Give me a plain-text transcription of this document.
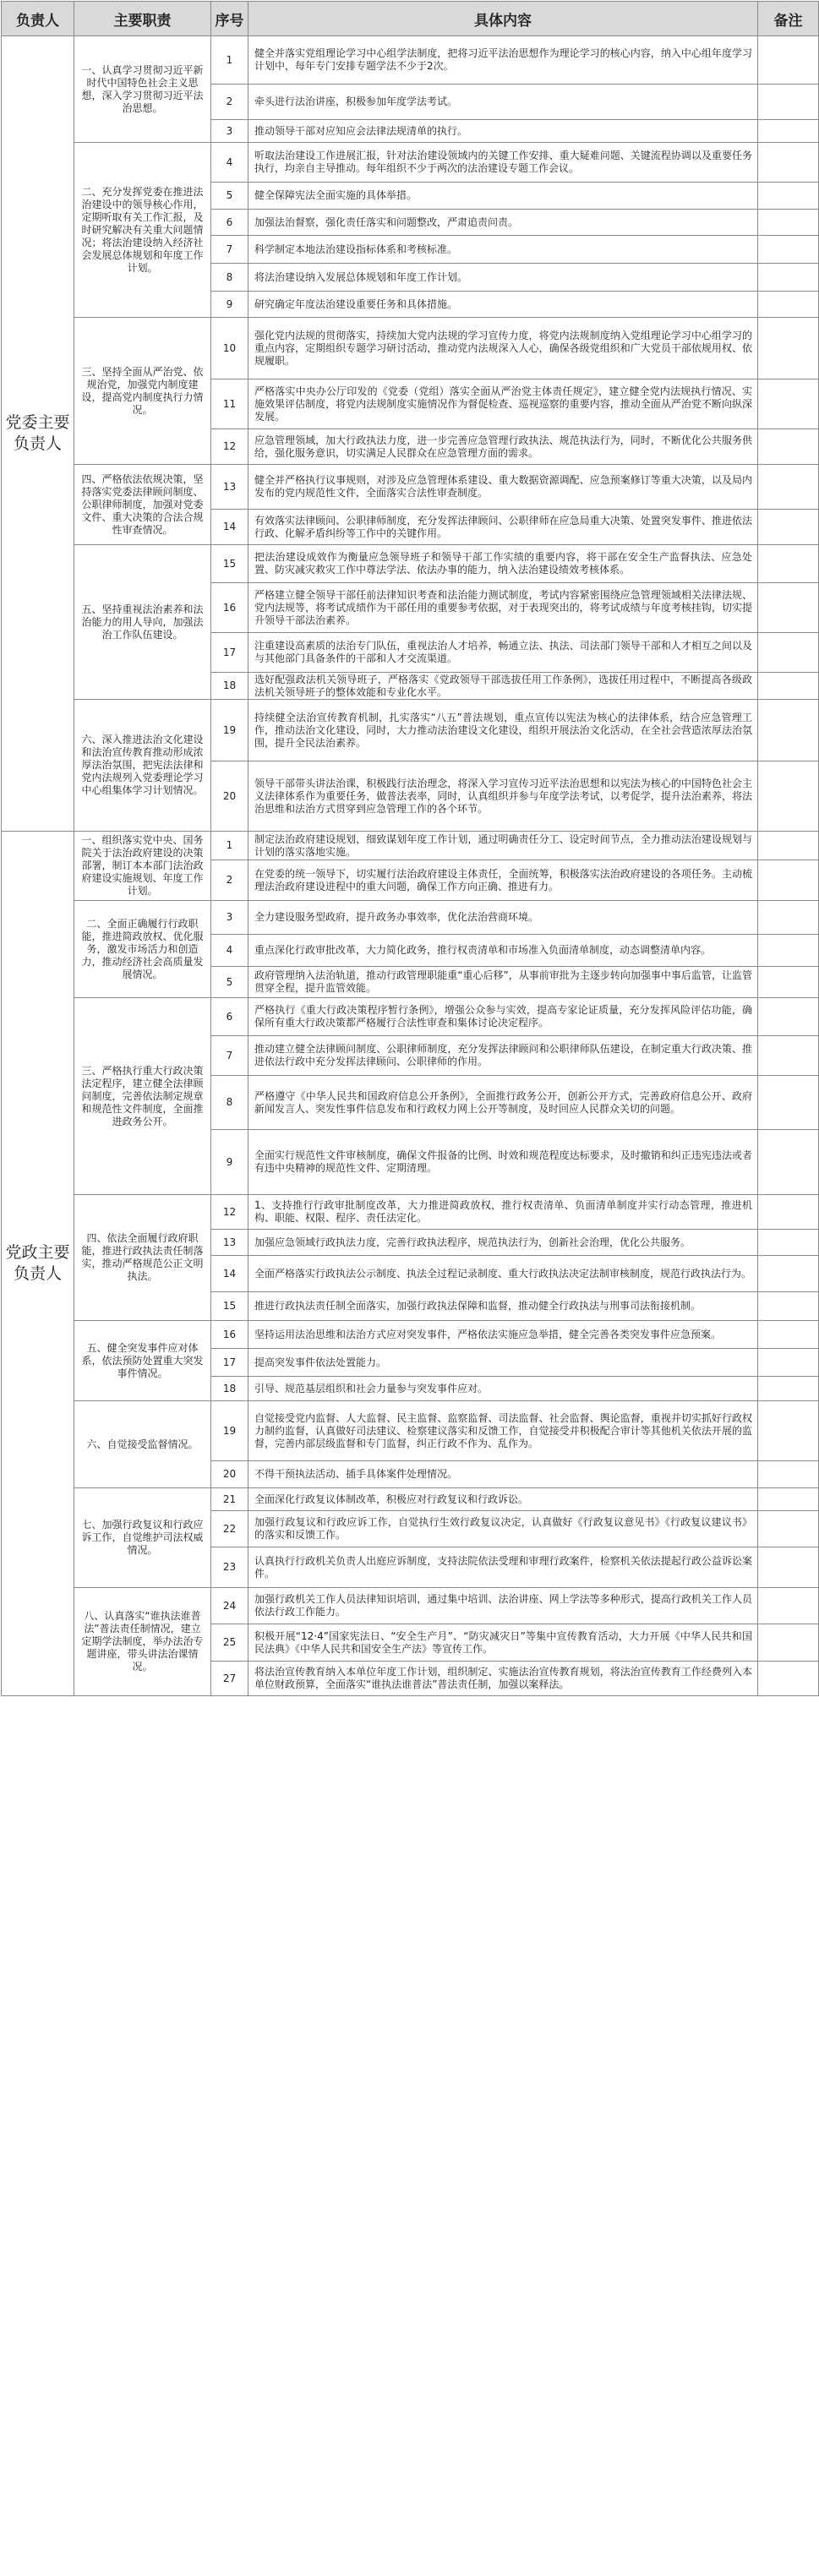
负责人	主要职责	序号	具体内容	备注
党委主要负责人	一、认真学习贯彻习近平新时代中国特色社会主义思想，深入学习贯彻习近平法治思想。	1	健全并落实党组理论学习中心组学法制度，把将习近平法治思想作为理论学习的核心内容，纳入中心组年度学习计划中，每年专门安排专题学法不少于2次。	
		2	牵头进行法治讲座，积极参加年度学法考试。	
		3	推动领导干部对应知应会法律法规清单的执行。	
	二、充分发挥党委在推进法治建设中的领导核心作用，定期听取有关工作汇报，及时研究解决有关重大问题情况；将法治建设纳入经济社会发展总体规划和年度工作计划。	4	听取法治建设工作进展汇报，针对法治建设领域内的关键工作安排、重大疑难问题、关键流程协调以及重要任务执行，均亲自主导推动。每年组织不少于两次的法治建设专题工作会议。	
		5	健全保障宪法全面实施的具体举措。	
		6	加强法治督察，强化责任落实和问题整改，严肃追责问责。	
		7	科学制定本地法治建设指标体系和考核标准。	
		8	将法治建设纳入发展总体规划和年度工作计划。	
		9	研究确定年度法治建设重要任务和具体措施。	
	三、坚持全面从严治党、依规治党，加强党内制度建设，提高党内制度执行力情况。	10	强化党内法规的贯彻落实，持续加大党内法规的学习宣传力度，将党内法规制度纳入党组理论学习中心组学习的重点内容，定期组织专题学习研讨活动，推动党内法规深入人心，确保各级党组织和广大党员干部依规用权、依规履职。	
		11	严格落实中央办公厅印发的《党委（党组）落实全面从严治党主体责任规定》，建立健全党内法规执行情况、实施效果评估制度，将党内法规制度实施情况作为督促检查、巡视巡察的重要内容，推动全面从严治党不断向纵深发展。	
		12	应急管理领域，加大行政执法力度，进一步完善应急管理行政执法、规范执法行为，同时，不断优化公共服务供给，强化服务意识，切实满足人民群众在应急管理方面的需求。	
	四、严格依法依规决策，坚持落实党委法律顾问制度、公职律师制度，加强对党委文件、重大决策的合法合规性审查情况。	13	健全并严格执行议事规则，对涉及应急管理体系建设、重大数据资源调配、应急预案修订等重大决策，以及局内发布的党内规范性文件，全面落实合法性审查制度。	
		14	有效落实法律顾问、公职律师制度，充分发挥法律顾问、公职律师在应急局重大决策、处置突发事件、推进依法行政、化解矛盾纠纷等工作中的关键作用。	
	五、坚持重视法治素养和法治能力的用人导向，加强法治工作队伍建设。	15	把法治建设成效作为衡量应急领导班子和领导干部工作实绩的重要内容，将干部在安全生产监督执法、应急处置、防灾减灾救灾工作中尊法学法、依法办事的能力，纳入法治建设绩效考核体系。	
		16	严格建立健全领导干部任前法律知识考查和法治能力测试制度，考试内容紧密围绕应急管理领域相关法律法规、党内法规等，将考试成绩作为干部任用的重要参考依据，对于表现突出的，将考试成绩与年度考核挂钩，切实提升领导干部法治素养。	
		17	注重建设高素质的法治专门队伍，重视法治人才培养，畅通立法、执法、司法部门领导干部和人才相互之间以及与其他部门具备条件的干部和人才交流渠道。	
		18	选好配强政法机关领导班子，严格落实《党政领导干部选拔任用工作条例》，选拔任用过程中，不断提高各级政法机关领导班子的整体效能和专业化水平。	
	六、深入推进法治文化建设和法治宣传教育推动形成浓厚法治氛围，把宪法法律和党内法规列入党委理论学习中心组集体学习计划情况。	19	持续健全法治宣传教育机制，扎实落实“八五”普法规划，重点宣传以宪法为核心的法律体系，结合应急管理工作，推动法治文化建设，同时，大力推动法治建设文化建设，组织开展法治文化活动，在全社会营造浓厚法治氛围，提升全民法治素养。	
		20	领导干部带头讲法治课，积极践行法治理念，将深入学习宣传习近平法治思想和以宪法为核心的中国特色社会主义法律体系作为重要任务，做普法表率，同时，认真组织并参与年度学法考试，以考促学，提升法治素养，将法治思维和法治方式贯穿到应急管理工作的各个环节。	
党政主要负责人	一、组织落实党中央、国务院关于法治政府建设的决策部署，制订本本部门法治政府建设实施规划、年度工作计划。	1	制定法治政府建设规划，细致谋划年度工作计划，通过明确责任分工、设定时间节点，全力推动法治建设规划与计划的落实落地实施。	
		2	在党委的统一领导下，切实履行法治政府建设主体责任，全面统筹，积极落实法治政府建设的各项任务。主动梳理法治政府建设进程中的重大问题，确保工作方向正确、推进有力。	
	二、全面正确履行行政职能，推进简政放权、优化服务，激发市场活力和创造力，推动经济社会高质量发展情况。	3	全力建设服务型政府，提升政务办事效率，优化法治营商环境。	
		4	重点深化行政审批改革，大力简化政务，推行权责清单和市场准入负面清单制度，动态调整清单内容。	
		5	政府管理纳入法治轨道，推动行政管理职能重“重心后移”，从事前审批为主逐步转向加强事中事后监管，让监管贯穿全程，提升监管效能。	
	三、严格执行重大行政决策法定程序，建立健全法律顾问制度，完善依法制定规章和规范性文件制度，全面推进政务公开。	6	严格执行《重大行政决策程序暂行条例》，增强公众参与实效，提高专家论证质量，充分发挥风险评估功能，确保所有重大行政决策都严格履行合法性审查和集体讨论决定程序。	
		7	推动建立健全法律顾问制度、公职律师制度，充分发挥法律顾问和公职律师队伍建设，在制定重大行政决策、推进依法行政中充分发挥法律顾问、公职律师的作用。	
		8	严格遵守《中华人民共和国政府信息公开条例》，全面推行政务公开，创新公开方式，完善政府信息公开、政府新闻发言人、突发性事件信息发布和行政权力网上公开等制度，及时回应人民群众关切的问题。	
		9	全面实行规范性文件审核制度，确保文件报备的比例、时效和规范程度达标要求，及时撤销和纠正违宪违法或者有违中央精神的规范性文件、定期清理。	
	四、依法全面履行政府职能，推进行政执法责任制落实，推动严格规范公正文明执法。	12	1、支持推行行政审批制度改革，大力推进简政放权，推行权责清单、负面清单制度并实行动态管理，推进机构、职能、权限、程序、责任法定化。	
		13	加强应急领域行政执法力度，完善行政执法程序，规范执法行为，创新社会治理，优化公共服务。	
		14	全面严格落实行政执法公示制度、执法全过程记录制度、重大行政执法决定法制审核制度，规范行政执法行为。	
		15	推进行政执法责任制全面落实，加强行政执法保障和监督，推动健全行政执法与刑事司法衔接机制。	
	五、健全突发事件应对体系，依法预防处置重大突发事件情况。	16	坚持运用法治思维和法治方式应对突发事件，严格依法实施应急举措，健全完善各类突发事件应急预案。	
		17	提高突发事件依法处置能力。	
		18	引导、规范基层组织和社会力量参与突发事件应对。	
	六、自觉接受监督情况。	19	自觉接受党内监督、人大监督、民主监督、监察监督、司法监督、社会监督、舆论监督，重视并切实抓好行政权力制约监督，认真做好司法建议、检察建议落实和反馈工作，自觉接受并积极配合审计等其他机关依法开展的监督，完善内部层级监督和专门监督，纠正行政不作为、乱作为。	
		20	不得干预执法活动、插手具体案件处理情况。	
	七、加强行政复议和行政应诉工作，自觉维护司法权威情况。	21	全面深化行政复议体制改革，积极应对行政复议和行政诉讼。	
		22	加强行政复议和行政应诉工作，自觉执行生效行政复议决定，认真做好《行政复议意见书》《行政复议建议书》的落实和反馈工作。	
		23	认真执行行政机关负责人出庭应诉制度，支持法院依法受理和审理行政案件，检察机关依法提起行政公益诉讼案件。	
	八、认真落实“谁执法谁普法”普法责任制情况，建立定期学法制度，举办法治专题讲座，带头讲法治课情况。	24	加强行政机关工作人员法律知识培训，通过集中培训、法治讲座、网上学法等多种形式，提高行政机关工作人员依法行政工作能力。	
		25	积极开展“12·4”国家宪法日、“安全生产月”、“防灾减灾日”等集中宣传教育活动，大力开展《中华人民共和国民法典》《中华人民共和国安全生产法》等宣传工作。	
		27	将法治宣传教育纳入本单位年度工作计划，组织制定、实施法治宣传教育规划，将法治宣传教育工作经费列入本单位财政预算，全面落实“谁执法谁普法”普法责任制，加强以案释法。	
